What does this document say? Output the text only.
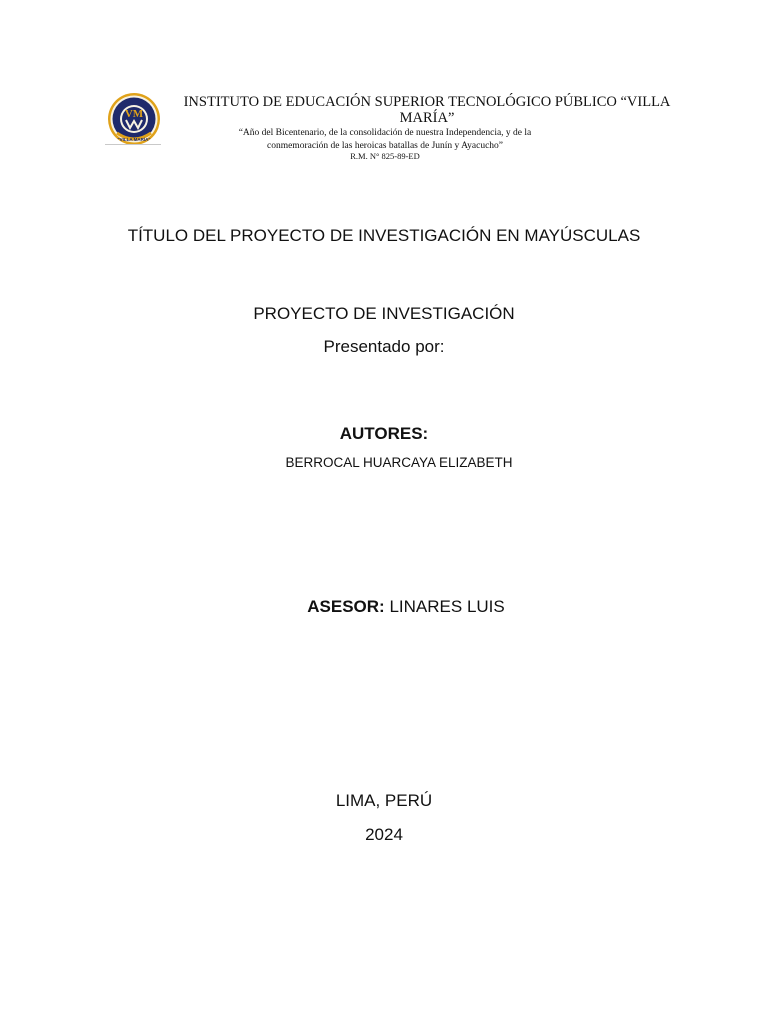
VM
"VILLA MARÍA"
INSTITUTO DE EDUCACIÓN SUPERIOR TECNOLÓGICO PÚBLICO “VILLA MARÍA”
“Año del Bicentenario, de la consolidación de nuestra Independencia, y de la
conmemoración de las heroicas batallas de Junín y Ayacucho”
R.M. N° 825-89-ED
TÍTULO DEL PROYECTO DE INVESTIGACIÓN EN MAYÚSCULAS
PROYECTO DE INVESTIGACIÓN
Presentado por:
AUTORES:
BERROCAL HUARCAYA ELIZABETH
ASESOR: LINARES LUIS
LIMA, PERÚ
2024
